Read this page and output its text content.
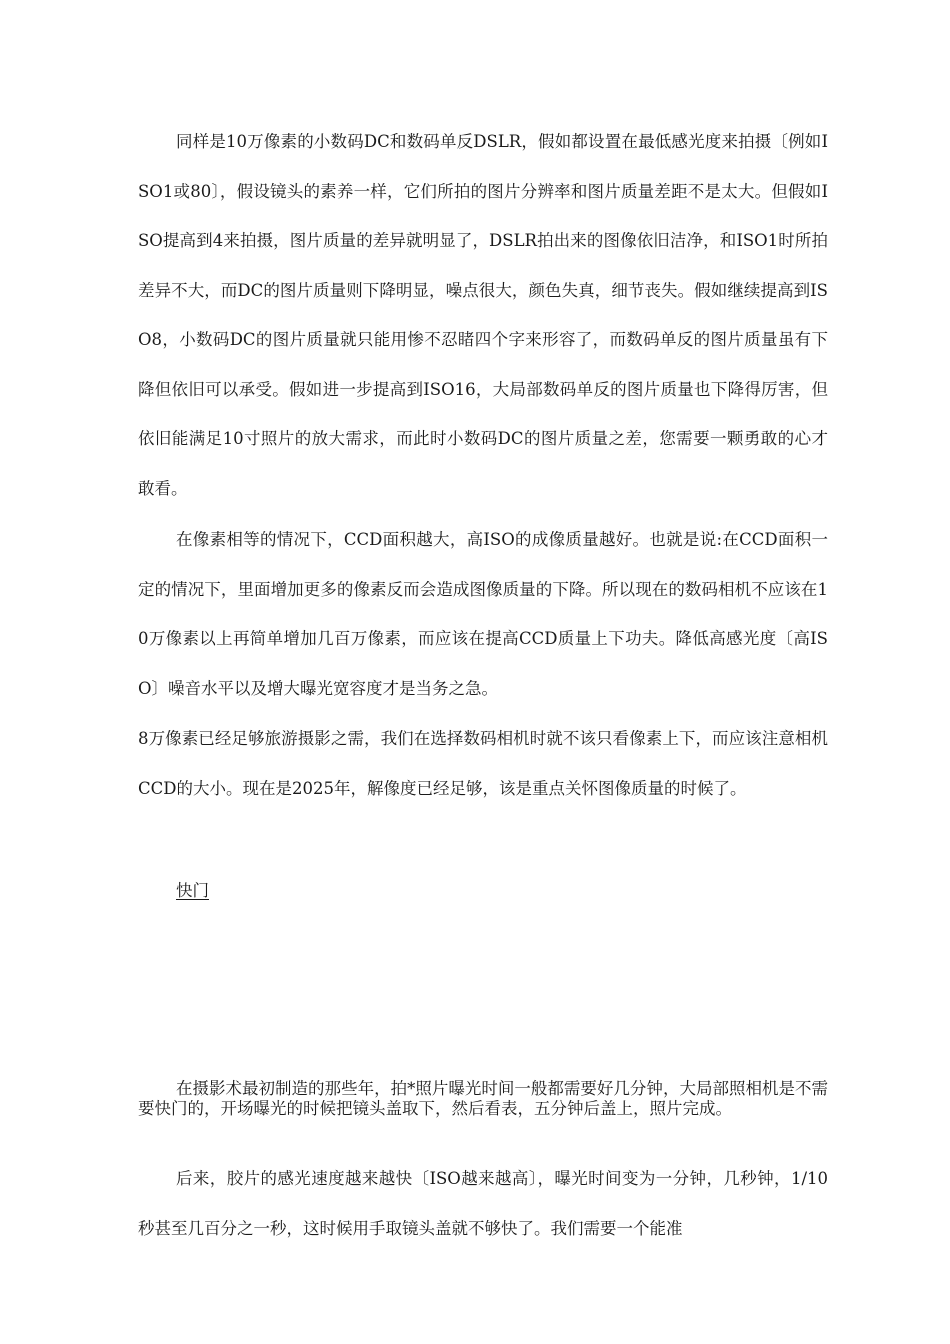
同样是10万像素的小数码DC和数码单反DSLR，假如都设置在最低感光度来拍摄〔例如ISO1或80〕，假设镜头的素养一样，它们所拍的图片分辨率和图片质量差距不是太大。但假如ISO提高到4来拍摄，图片质量的差异就明显了，DSLR拍出来的图像依旧洁净，和ISO1时所拍差异不大，而DC的图片质量则下降明显，噪点很大，颜色失真，细节丧失。假如继续提高到ISO8，小数码DC的图片质量就只能用惨不忍睹四个字来形容了，而数码单反的图片质量虽有下降但依旧可以承受。假如进一步提高到ISO16，大局部数码单反的图片质量也下降得厉害，但依旧能满足10寸照片的放大需求，而此时小数码DC的图片质量之差，您需要一颗勇敢的心才敢看。

在像素相等的情况下，CCD面积越大，高ISO的成像质量越好。也就是说:在CCD面积一定的情况下，里面增加更多的像素反而会造成图像质量的下降。所以现在的数码相机不应该在10万像素以上再简单增加几百万像素，而应该在提高CCD质量上下功夫。降低高感光度〔高ISO〕噪音水平以及增大曝光宽容度才是当务之急。

8万像素已经足够旅游摄影之需，我们在选择数码相机时就不该只看像素上下，而应该注意相机CCD的大小。现在是2025年，解像度已经足够，该是重点关怀图像质量的时候了。

快门

在摄影术最初制造的那些年，拍*照片曝光时间一般都需要好几分钟，大局部照相机是不需要快门的，开场曝光的时候把镜头盖取下，然后看表，五分钟后盖上，照片完成。

后来，胶片的感光速度越来越快〔ISO越来越高〕，曝光时间变为一分钟，几秒钟，1/10秒甚至几百分之一秒，这时候用手取镜头盖就不够快了。我们需要一个能准
